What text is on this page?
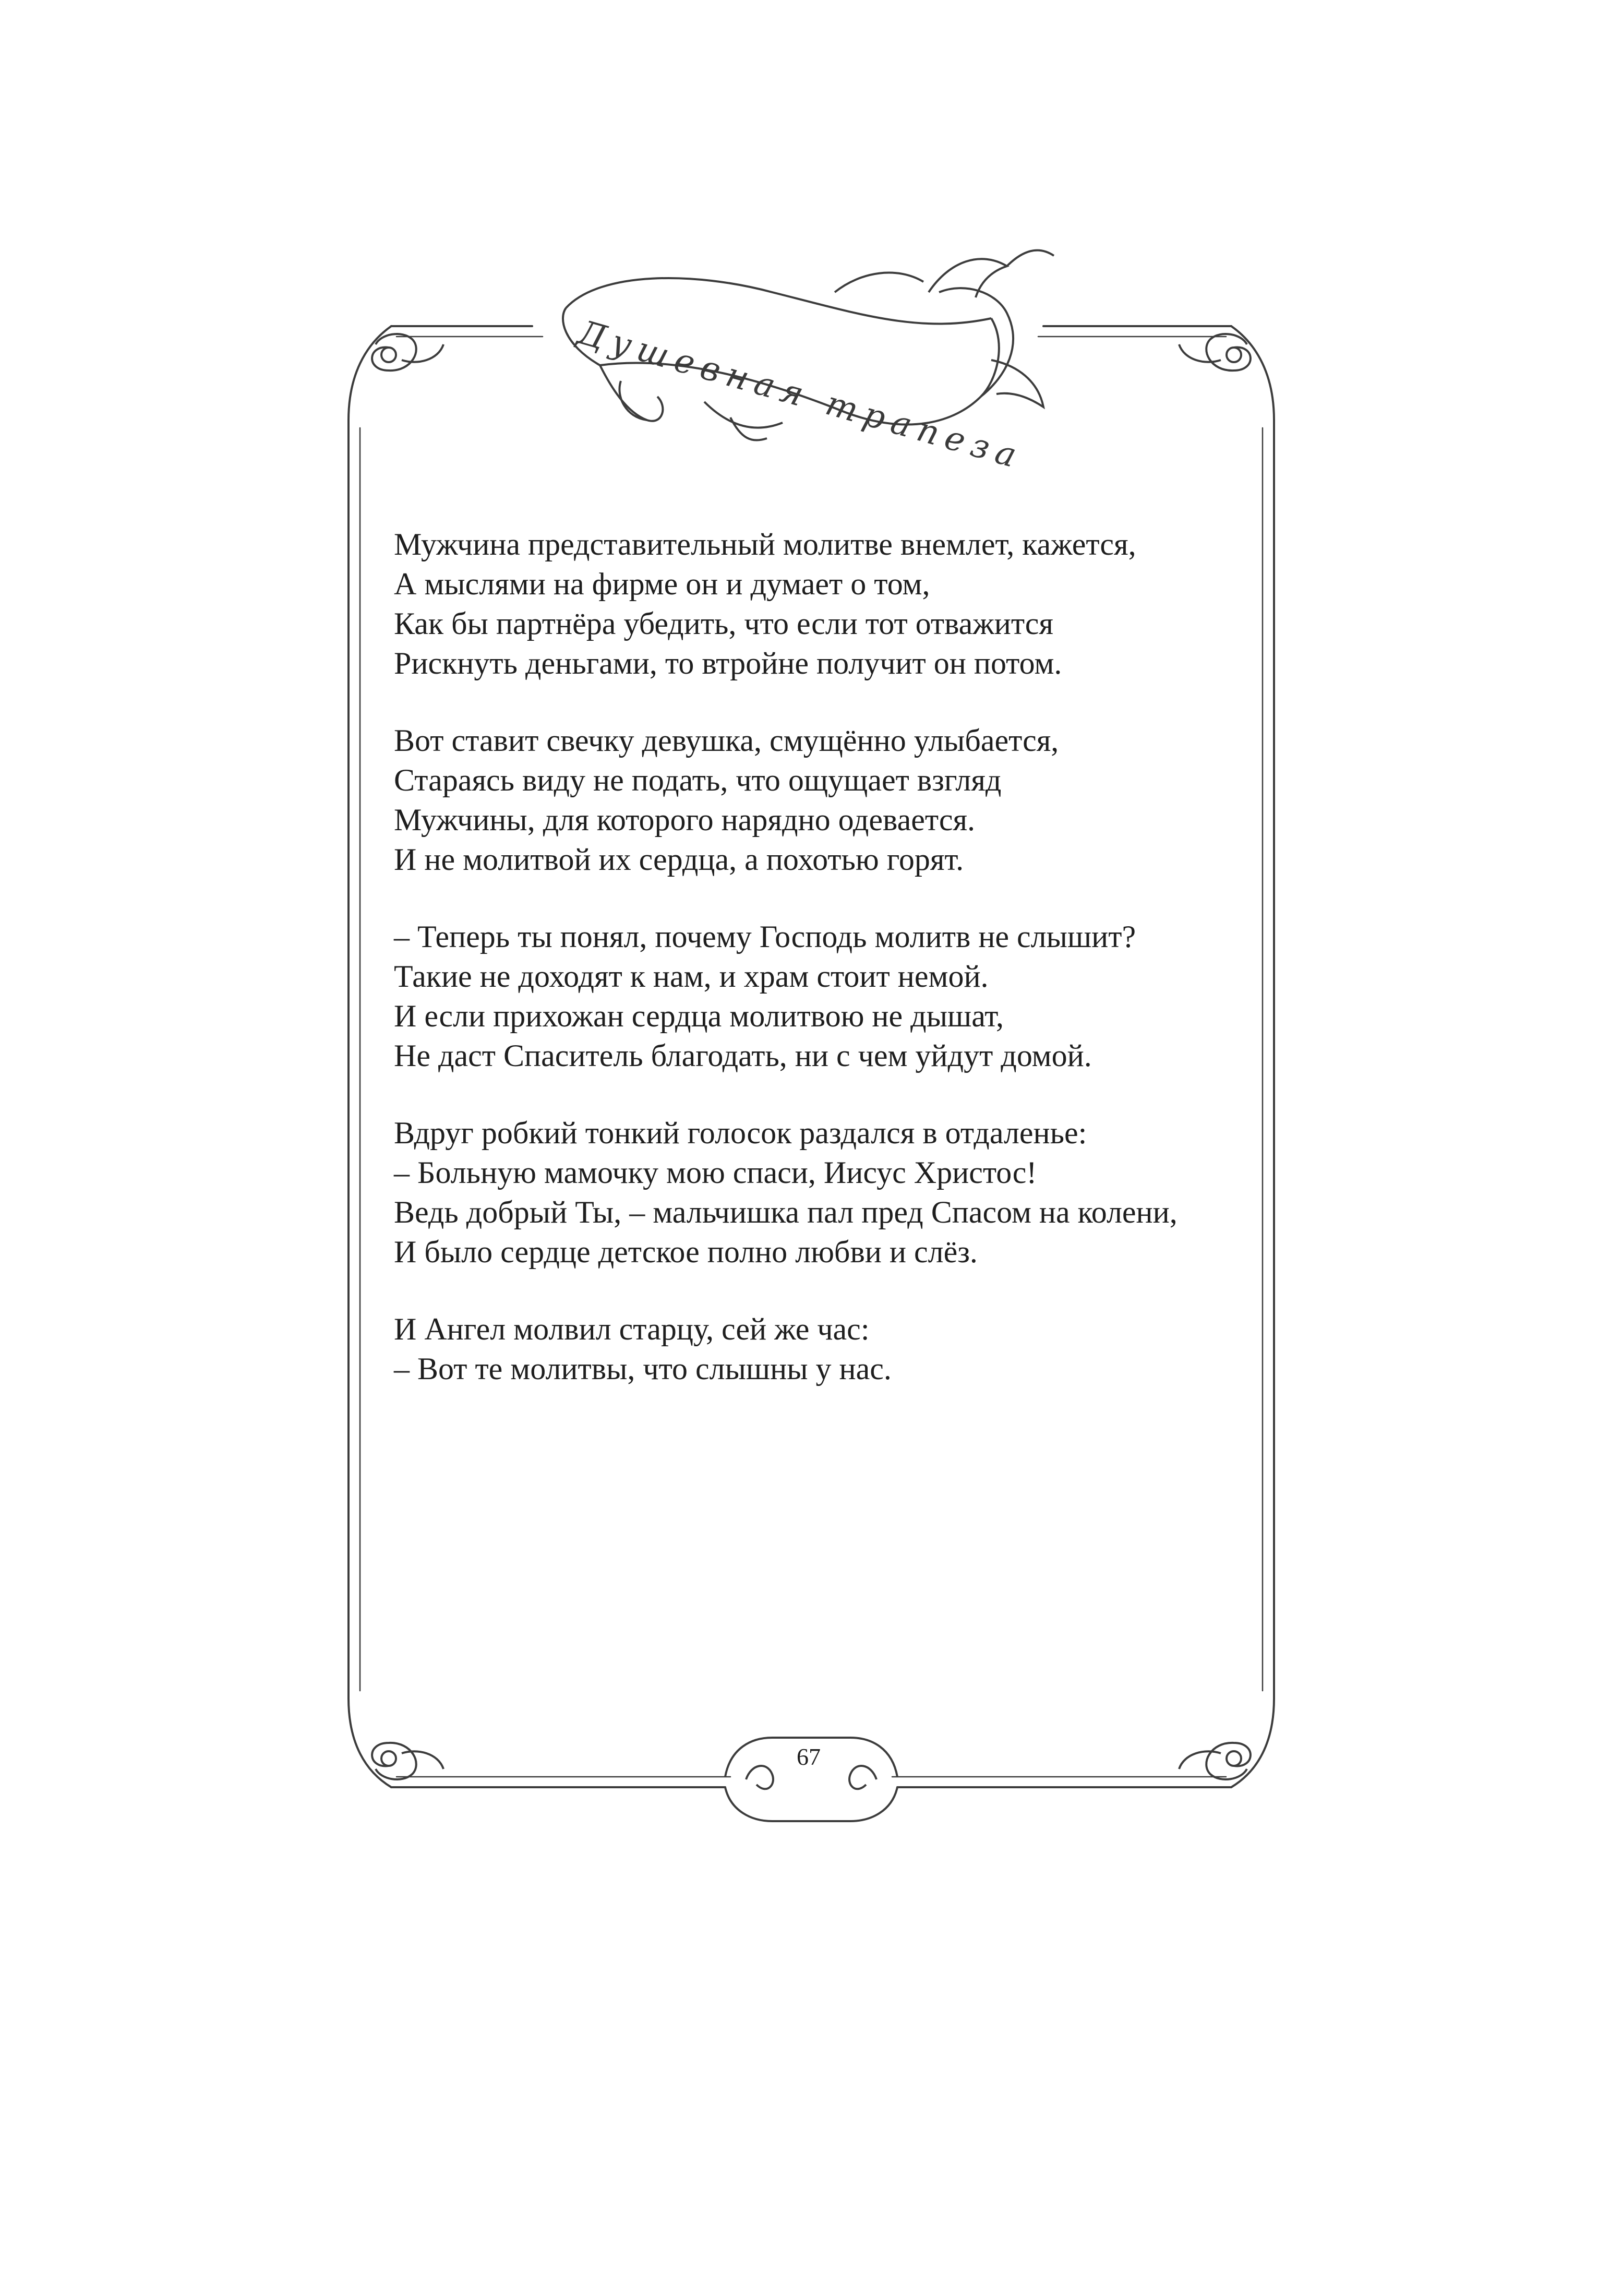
Душевная трапеза
Мужчина представительный молитве внемлет, кажется,
А мыслями на фирме он и думает о том,
Как бы партнёра убедить, что если тот отважится
Рискнуть деньгами, то втройне получит он потом.
Вот ставит свечку девушка, смущённо улыбается,
Стараясь виду не подать, что ощущает взгляд
Мужчины, для которого нарядно одевается.
И не молитвой их сердца, а похотью горят.
– Теперь ты понял, почему Господь молитв не слышит?
Такие не доходят к нам, и храм стоит немой.
И если прихожан сердца молитвою не дышат,
Не даст Спаситель благодать, ни с чем уйдут домой.
Вдруг робкий тонкий голосок раздался в отдаленье:
– Больную мамочку мою спаси, Иисус Христос!
Ведь добрый Ты, – мальчишка пал пред Спасом на колени,
И было сердце детское полно любви и слёз.
И Ангел молвил старцу, сей же час:
– Вот те молитвы, что слышны у нас.
67
